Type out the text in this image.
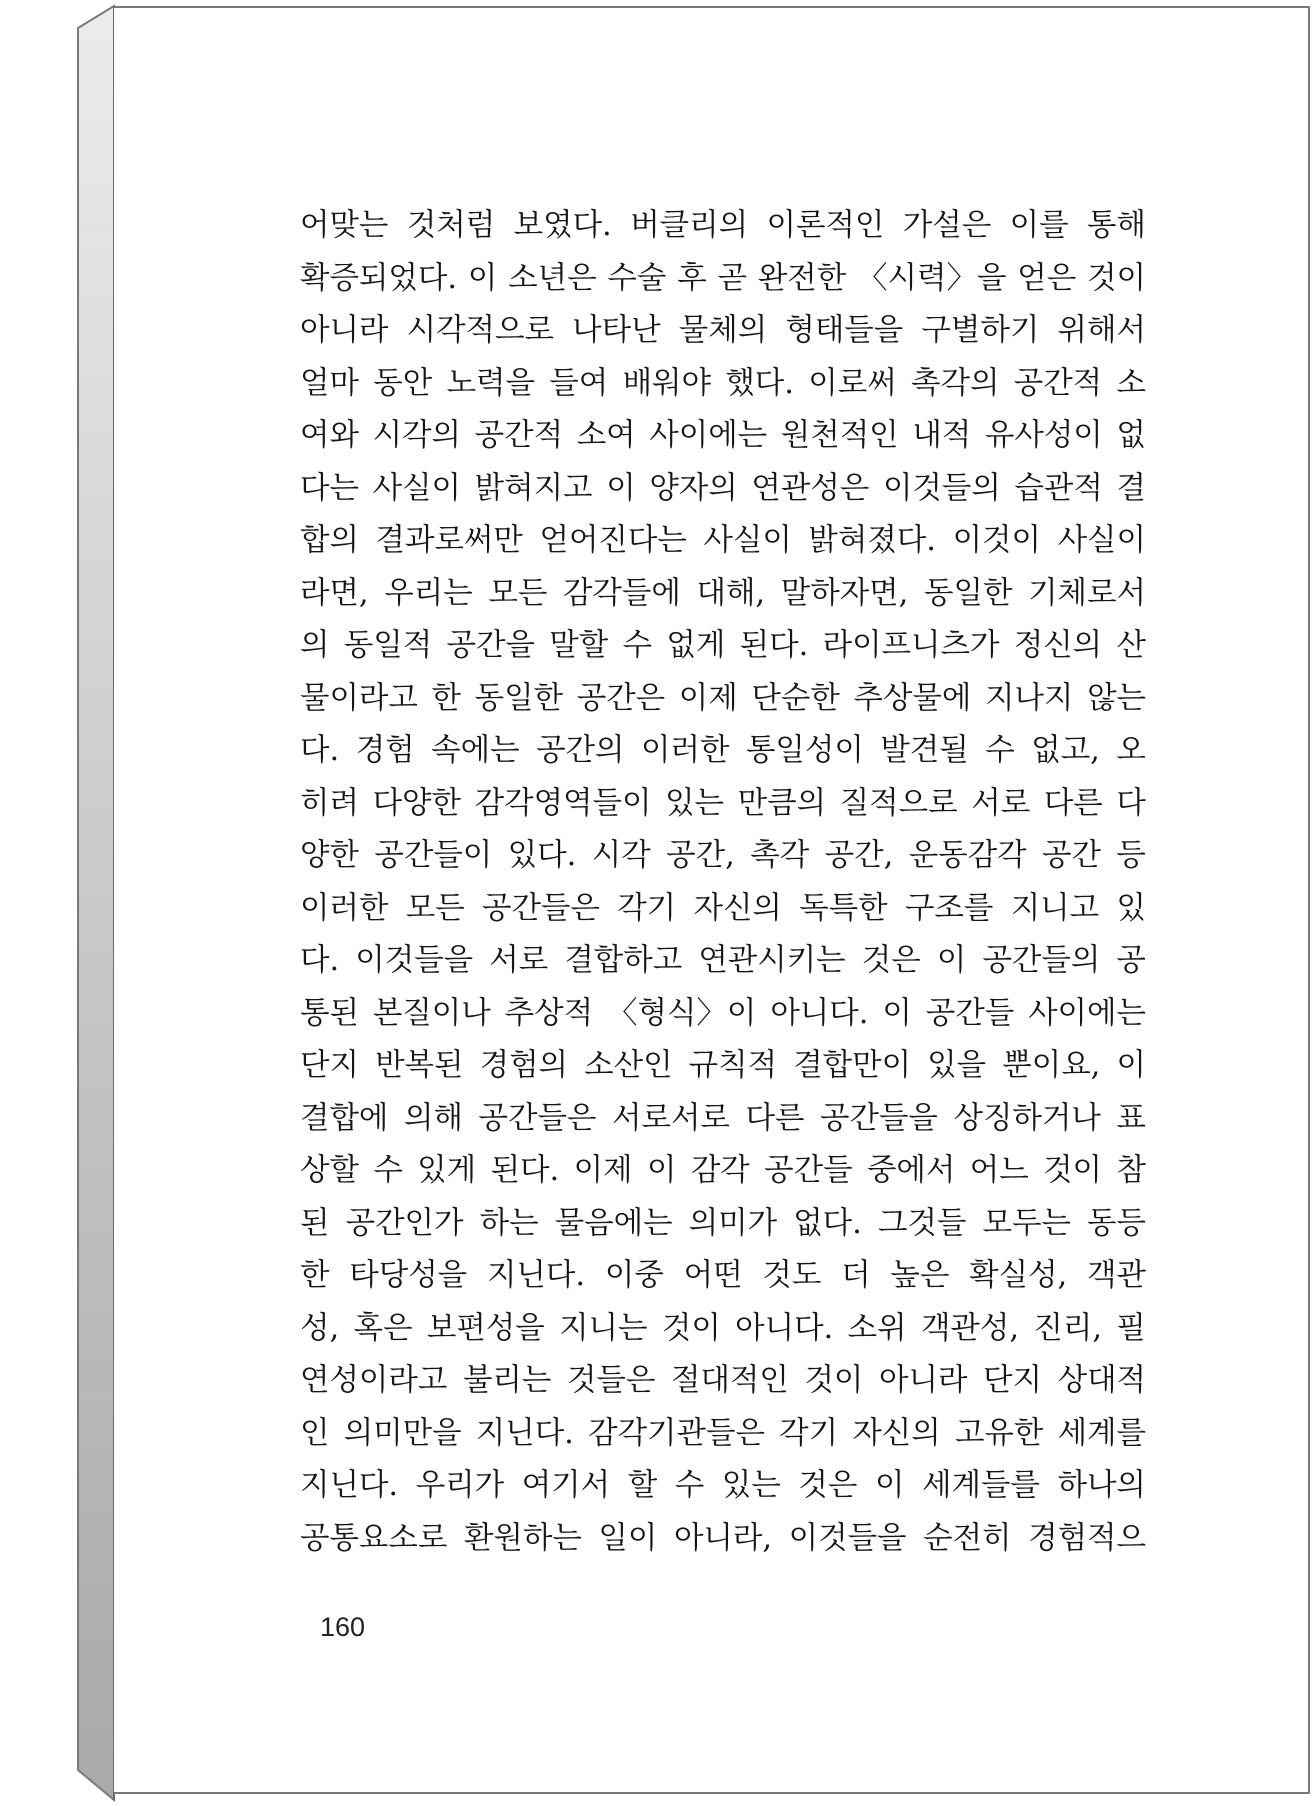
어맞는 것처럼 보였다. 버클리의 이론적인 가설은 이를 통해
확증되었다. 이 소년은 수술 후 곧 완전한 〈시력〉을 얻은 것이
아니라 시각적으로 나타난 물체의 형태들을 구별하기 위해서
얼마 동안 노력을 들여 배워야 했다. 이로써 촉각의 공간적 소
여와 시각의 공간적 소여 사이에는 원천적인 내적 유사성이 없
다는 사실이 밝혀지고 이 양자의 연관성은 이것들의 습관적 결
합의 결과로써만 얻어진다는 사실이 밝혀졌다. 이것이 사실이
라면, 우리는 모든 감각들에 대해, 말하자면, 동일한 기체로서
의 동일적 공간을 말할 수 없게 된다. 라이프니츠가 정신의 산
물이라고 한 동일한 공간은 이제 단순한 추상물에 지나지 않는
다. 경험 속에는 공간의 이러한 통일성이 발견될 수 없고, 오
히려 다양한 감각영역들이 있는 만큼의 질적으로 서로 다른 다
양한 공간들이 있다. 시각 공간, 촉각 공간, 운동감각 공간 등
이러한 모든 공간들은 각기 자신의 독특한 구조를 지니고 있
다. 이것들을 서로 결합하고 연관시키는 것은 이 공간들의 공
통된 본질이나 추상적 〈형식〉이 아니다. 이 공간들 사이에는
단지 반복된 경험의 소산인 규칙적 결합만이 있을 뿐이요, 이
결합에 의해 공간들은 서로서로 다른 공간들을 상징하거나 표
상할 수 있게 된다. 이제 이 감각 공간들 중에서 어느 것이 참
된 공간인가 하는 물음에는 의미가 없다. 그것들 모두는 동등
한 타당성을 지닌다. 이중 어떤 것도 더 높은 확실성, 객관
성, 혹은 보편성을 지니는 것이 아니다. 소위 객관성, 진리, 필
연성이라고 불리는 것들은 절대적인 것이 아니라 단지 상대적
인 의미만을 지닌다. 감각기관들은 각기 자신의 고유한 세계를
지닌다. 우리가 여기서 할 수 있는 것은 이 세계들를 하나의
공통요소로 환원하는 일이 아니라, 이것들을 순전히 경험적으
160
